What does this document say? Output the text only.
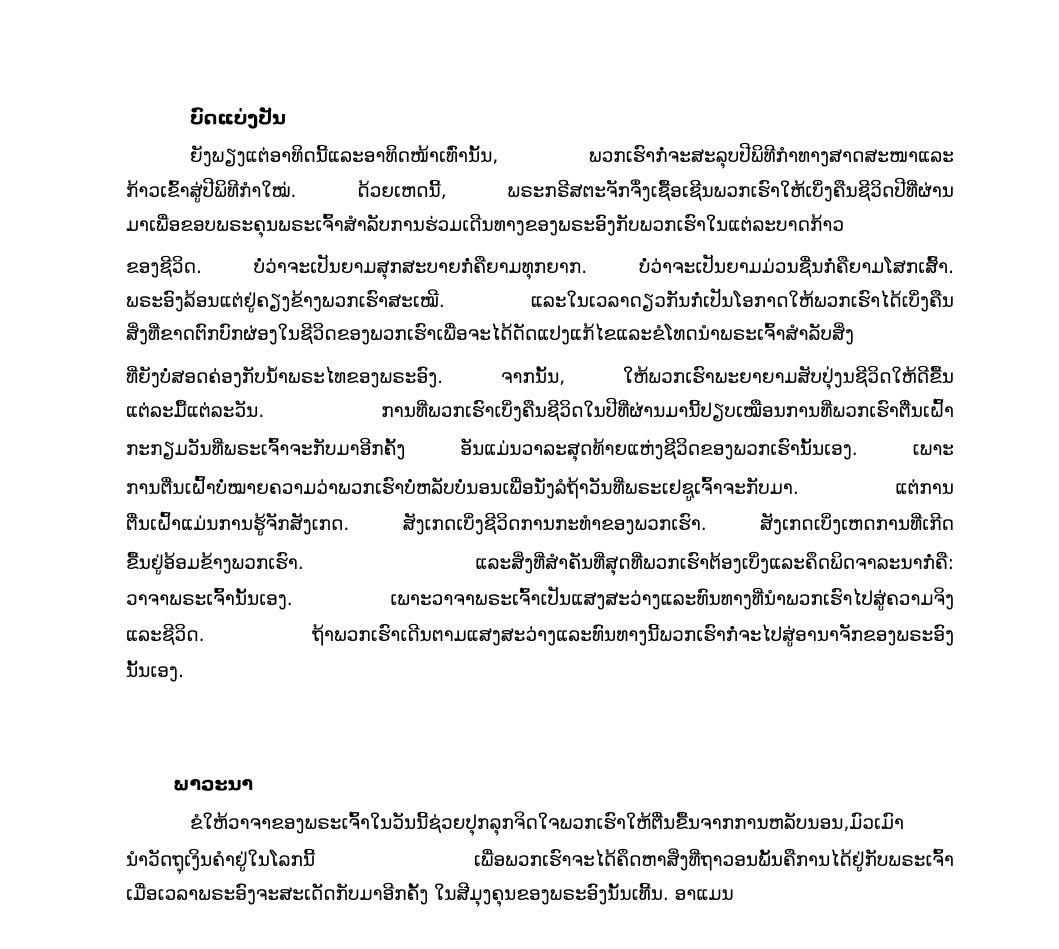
ບົດແບ່ງປັນ
ຍັງພຽງແຕ່ອາທິດນີ້ແລະອາທິດໜ້າເທົ່ານັ້ນ, ພວກເຮົາກໍ່ຈະສະລຸບປີພິທີກຳທາງສາດສະໜາແລະ
ກ້າວເຂົ້າສູ່ປີພິທີກຳໃໝ່. ດ້ວຍເຫດນີ້, ພຣະກຣີສຕະຈັກຈຶ່ງເຊື້ອເຊີນພວກເຮົາໃຫ້ເບິ່ງຄືນຊີວິດປີທີ່ຜ່ານ
ມາເພື່ອຂອບພຣະຄຸນພຣະເຈົ້າສຳລັບການຮ່ວມເດີນທາງຂອງພຣະອົງກັບພວກເຮົາໃນແຕ່ລະບາດກ້າວ
ຂອງຊີວິດ. ບໍ່ວ່າຈະເປັນຍາມສຸກສະບາຍກໍ່ຄືຍາມທຸກຍາກ. ບໍ່ວ່າຈະເປັນຍາມມ່ວນຊື່ນກໍ່ຄືຍາມໂສກເສົ້າ.
ພຣະອົງລ້ອນແຕ່ຢູ່ຄຽງຂ້າງພວກເຮົາສະເໝີ. ແລະໃນເວລາດຽວກັນກໍ່ເປັນໂອກາດໃຫ້ພວກເຮົາໄດ້ເບິ່ງຄືນ
ສິ່ງທີ່ຂາດຕົກບົກຜ່ອງໃນຊີວິດຂອງພວກເຮົາເພື່ອຈະໄດ້ດັດແປງແກ້ໄຂແລະຂໍໂທດນຳພຣະເຈົ້າສຳລັບສິ່ງ
ທີ່ຍັງບໍ່ສອດຄ່ອງກັບນ້ຳພຣະໄທຂອງພຣະອົງ. ຈາກນັ້ນ, ໃຫ້ພວກເຮົາພະຍາຍາມສັບປຸ່ງນຊີວິດໃຫ້ດີຂື້ນ
ແຕ່ລະມື້ແຕ່ລະວັນ. ການທີ່ພວກເຮົາເບິ່ງຄືນຊີວິດໃນປີທີ່ຜ່ານມານີ້ປຽບເໝືອນການທີ່ພວກເຮົາຕື່ນເຝົ້າ
ກະກຽມວັນທີ່ພຣະເຈົ້າຈະກັບມາອີກຄັ້ງ ອັນແມ່ນວາລະສຸດທ້າຍແຫ່ງຊີວິດຂອງພວກເຮົານັ້ນເອງ. ເພາະ
ການຕື່ນເຝົ້າບໍ່ໝາຍຄວາມວ່າພວກເຮົາບໍ່ຫລັບບໍ່ນອນເພື່ອນັ່ງລໍຖ້າວັນທີ່ພຣະເຢຊູເຈົ້າຈະກັບມາ. ແຕ່ການ
ຕື່ນເຝົ້າແມ່ນການຮູ້ຈັກສັງເກດ. ສັງເກດເບິ່ງຊີວິດການກະທຳຂອງພວກເຮົາ. ສັງເກດເບິ່ງເຫດການທີ່ເກີດ
ຂື້ນຢູ່ອ້ອມຂ້າງພວກເຮົາ. ແລະສິ່ງທີ່ສຳຄັນທີ່ສຸດທີ່ພວກເຮົາຕ້ອງເບິ່ງແລະຄຶດພິດຈາລະນາກໍ່ຄື:
ວາຈາພຣະເຈົ້ານັ້ນເອງ. ເພາະວາຈາພຣະເຈົ້າເປັນແສງສະວ່າງແລະທົນທາງທີ່ນຳພວກເຮົາໄປສູ່ຄວາມຈິງ
ແລະຊີວິດ. ຖ້າພວກເຮົາເດີນຕາມແສງສະວ່າງແລະທົນທາງນີ້ພວກເຮົາກໍ່ຈະໄປສູ່ອານາຈັກຂອງພຣະອົງ
ນັ້ນເອງ.
ພາວະນາ
ຂໍໃຫ້ວາຈາຂອງພຣະເຈົ້າໃນວັນນີ້ຊ່ວຍປຸກລຸກຈິດໃຈພວກເຮົາໃຫ້ຕື່ນຂື້ນຈາກການຫລັບນອນ,ມົວເມົາ
ນຳວັດຖຸເງິນຄຳຢູ່ໃນໂລກນີ້ ເພື່ອພວກເຮົາຈະໄດ້ຄຶດຫາສິ່ງທີ່ຖາວອນພັ້ນຄືການໄດ້ຢູ່ກັບພຣະເຈົ້າ
ເມື່ອເວລາພຣະອົງຈະສະເດັດກັບມາອີກຄັ້ງ ໃນສີມຸງຄຸນຂອງພຣະອົງນັ້ນເທີ້ນ. ອາແມນ
